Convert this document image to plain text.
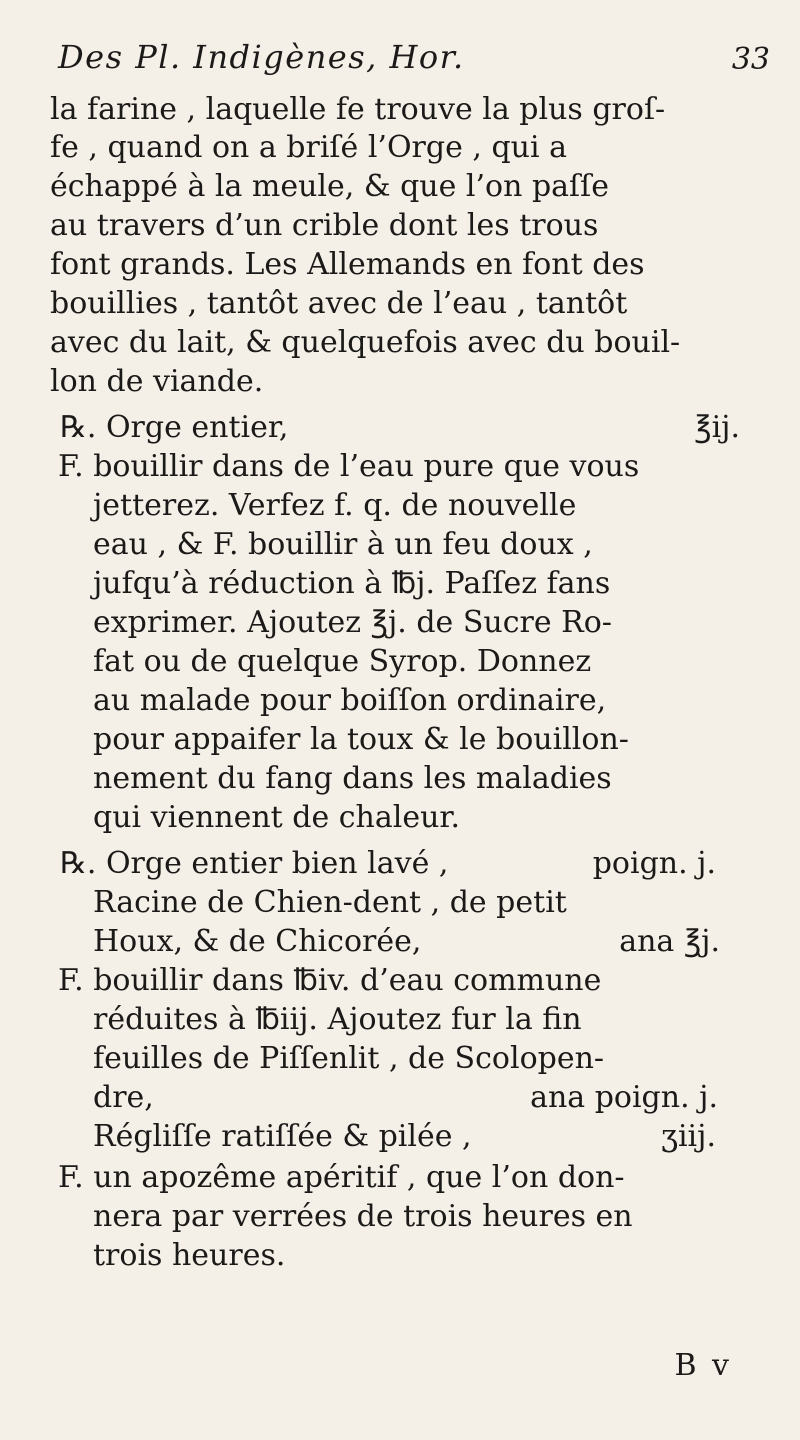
Des Pl. Indigènes, Hor.	33
la farine , laquelle fe trouve la plus groſ-
fe , quand on a briſé l’Orge , qui a
échappé à la meule, & que l’on paſſe
au travers d’un crible dont les trous
font grands. Les Allemands en font des
bouillies , tantôt avec de l’eau , tantôt
avec du lait, & quelquefois avec du bouil-
lon de viande.
℞. Orge entier,	℥ij.
F. bouillir dans de l’eau pure que vous
jetterez. Verfez f. q. de nouvelle
eau , & F. bouillir à un feu doux ,
jufqu’à réduction à ℔j. Paſſez fans
exprimer. Ajoutez ℥j. de Sucre Ro-
fat ou de quelque Syrop. Donnez
au malade pour boiſſon ordinaire,
pour appaifer la toux & le bouillon-
nement du fang dans les maladies
qui viennent de chaleur.
℞. Orge entier bien lavé ,	poign. j.
Racine de Chien-dent , de petit
Houx, & de Chicorée,	ana ℥j.
F. bouillir dans ℔iv. d’eau commune
réduites à ℔iij. Ajoutez fur la fin
feuilles de Piſſenlit , de Scolopen-
dre,	ana poign. j.
Régliſſe ratiſſée & pilée ,	ʒiij.
F. un apozême apéritif , que l’on don-
nera par verrées de trois heures en
trois heures.
B v
